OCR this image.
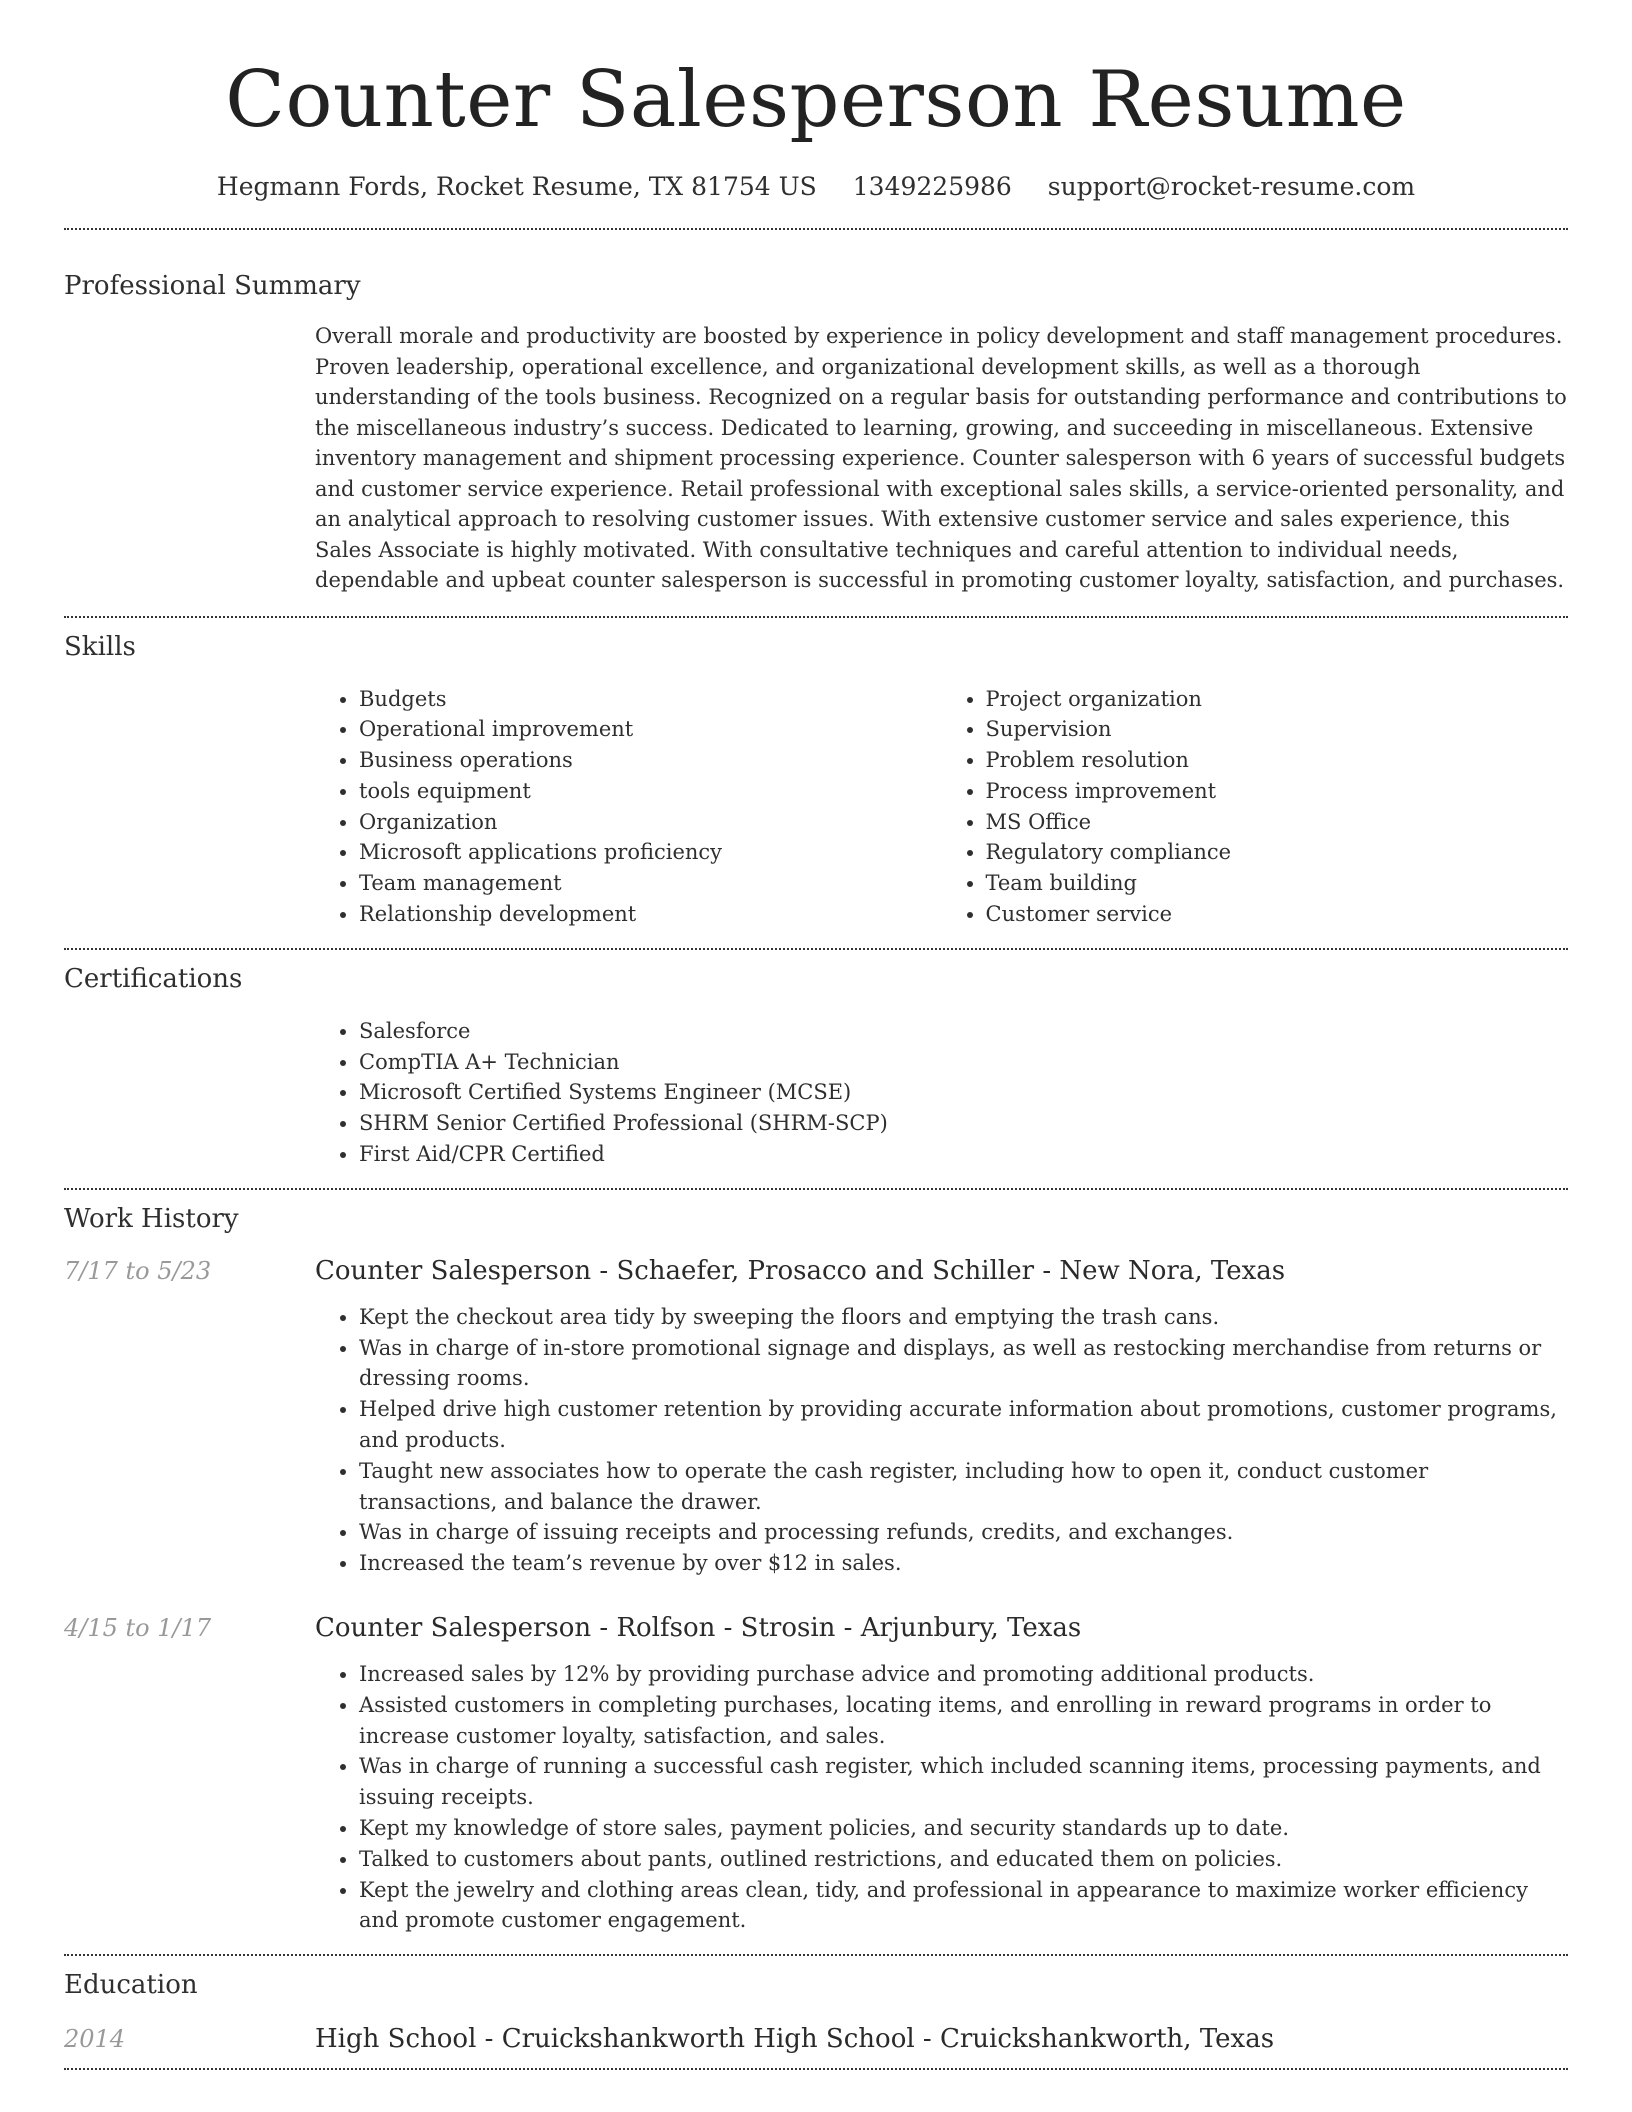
Counter Salesperson Resume
Hegmann Fords, Rocket Resume, TX 81754 US 1349225986 support@rocket-resume.com
Professional Summary
Overall morale and productivity are boosted by experience in policy development and staff management procedures. Proven leadership, operational excellence, and organizational development skills, as well as a thorough understanding of the tools business. Recognized on a regular basis for outstanding performance and contributions to the miscellaneous industry’s success. Dedicated to learning, growing, and succeeding in miscellaneous. Extensive inventory management and shipment processing experience. Counter salesperson with 6 years of successful budgets and customer service experience. Retail professional with exceptional sales skills, a service-oriented personality, and an analytical approach to resolving customer issues. With extensive customer service and sales experience, this Sales Associate is highly motivated. With consultative techniques and careful attention to individual needs, dependable and upbeat counter salesperson is successful in promoting customer loyalty, satisfaction, and purchases.
Skills
• Budgets
• Operational improvement
• Business operations
• tools equipment
• Organization
• Microsoft applications proficiency
• Team management
• Relationship development
• Project organization
• Supervision
• Problem resolution
• Process improvement
• MS Office
• Regulatory compliance
• Team building
• Customer service
Certifications
• Salesforce
• CompTIA A+ Technician
• Microsoft Certified Systems Engineer (MCSE)
• SHRM Senior Certified Professional (SHRM-SCP)
• First Aid/CPR Certified
Work History
7/17 to 5/23	Counter Salesperson - Schaefer, Prosacco and Schiller - New Nora, Texas
• Kept the checkout area tidy by sweeping the floors and emptying the trash cans.
• Was in charge of in-store promotional signage and displays, as well as restocking merchandise from returns or dressing rooms.
• Helped drive high customer retention by providing accurate information about promotions, customer programs, and products.
• Taught new associates how to operate the cash register, including how to open it, conduct customer transactions, and balance the drawer.
• Was in charge of issuing receipts and processing refunds, credits, and exchanges.
• Increased the team’s revenue by over $12 in sales.
4/15 to 1/17	Counter Salesperson - Rolfson - Strosin - Arjunbury, Texas
• Increased sales by 12% by providing purchase advice and promoting additional products.
• Assisted customers in completing purchases, locating items, and enrolling in reward programs in order to increase customer loyalty, satisfaction, and sales.
• Was in charge of running a successful cash register, which included scanning items, processing payments, and issuing receipts.
• Kept my knowledge of store sales, payment policies, and security standards up to date.
• Talked to customers about pants, outlined restrictions, and educated them on policies.
• Kept the jewelry and clothing areas clean, tidy, and professional in appearance to maximize worker efficiency and promote customer engagement.
Education
2014	High School - Cruickshankworth High School - Cruickshankworth, Texas
